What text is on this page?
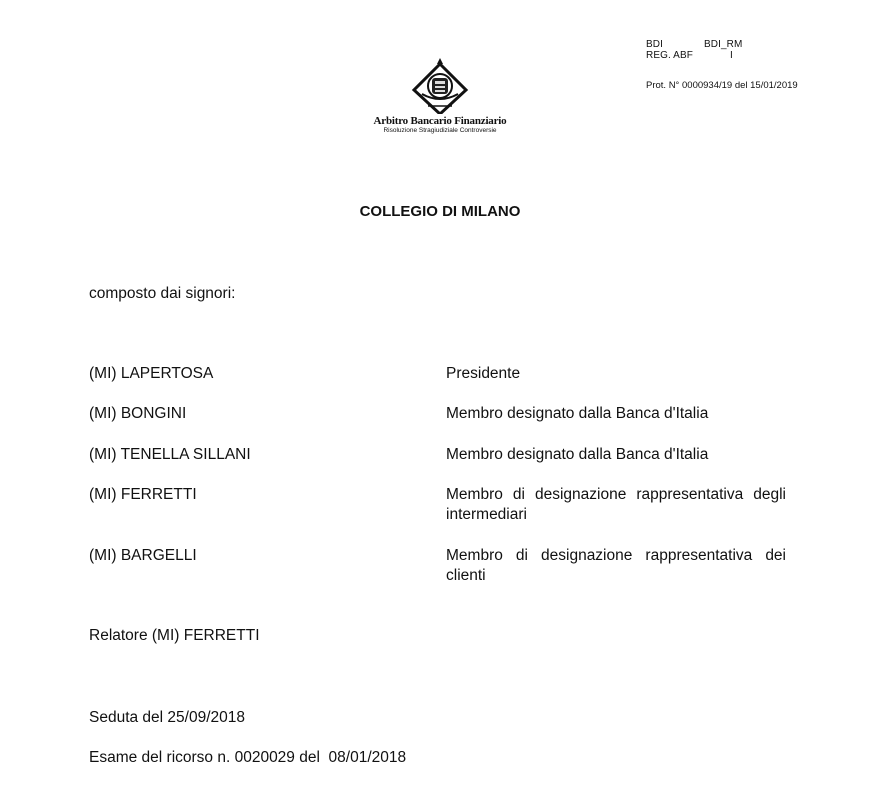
BDI	BDI_RM
REG. ABF	I
Prot. N° 0000934/19 del 15/01/2019
Arbitro Bancario Finanziario
Risoluzione Stragiudiziale Controversie
COLLEGIO DI MILANO
composto dai signori:
(MI) LAPERTOSA	Presidente
(MI) BONGINI	Membro designato dalla Banca d'Italia
(MI) TENELLA SILLANI	Membro designato dalla Banca d'Italia
(MI) FERRETTI	Membro di designazione rappresentativa degli intermediari
(MI) BARGELLI	Membro di designazione rappresentativa dei clienti
Relatore (MI) FERRETTI
Seduta del 25/09/2018
Esame del ricorso n. 0020029 del  08/01/2018
